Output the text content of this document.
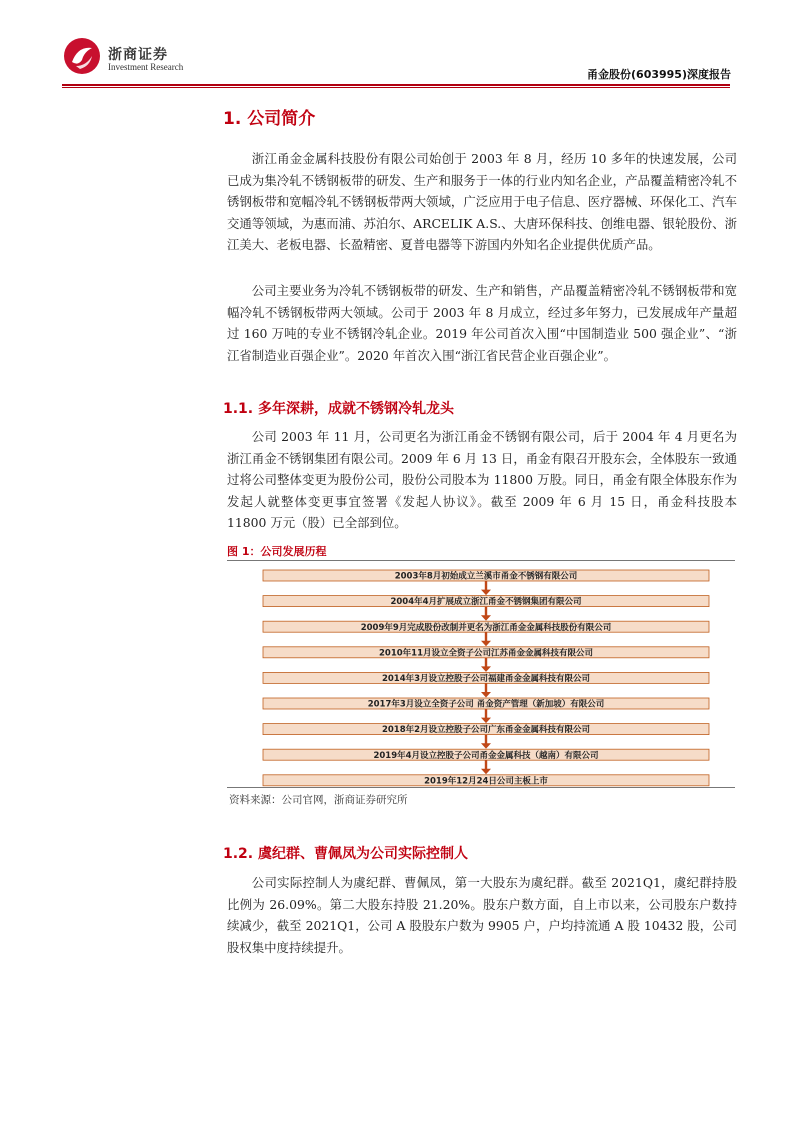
浙商证券
Investment Research
甬金股份(603995)深度报告
1. 公司简介

浙江甬金金属科技股份有限公司始创于 2003 年 8 月，经历 10 多年的快速发展，公司已成为集冷轧不锈钢板带的研发、生产和服务于一体的行业内知名企业，产品覆盖精密冷轧不锈钢板带和宽幅冷轧不锈钢板带两大领域，广泛应用于电子信息、医疗器械、环保化工、汽车交通等领域，为惠而浦、苏泊尔、ARCELIK A.S.、大唐环保科技、创维电器、银轮股份、浙江美大、老板电器、长盈精密、夏普电器等下游国内外知名企业提供优质产品。

公司主要业务为冷轧不锈钢板带的研发、生产和销售，产品覆盖精密冷轧不锈钢板带和宽幅冷轧不锈钢板带两大领域。公司于 2003 年 8 月成立，经过多年努力，已发展成年产量超过 160 万吨的专业不锈钢冷轧企业。2019 年公司首次入围“中国制造业 500 强企业”、“浙江省制造业百强企业”。2020 年首次入围“浙江省民营企业百强企业”。

1.1. 多年深耕，成就不锈钢冷轧龙头

公司 2003 年 11 月，公司更名为浙江甬金不锈钢有限公司，后于 2004 年 4 月更名为浙江甬金不锈钢集团有限公司。2009 年 6 月 13 日，甬金有限召开股东会，全体股东一致通过将公司整体变更为股份公司，股份公司股本为 11800 万股。同日，甬金有限全体股东作为发起人就整体变更事宜签署《发起人协议》。截至 2009 年 6 月 15 日，甬金科技股本 11800 万元（股）已全部到位。

图 1：公司发展历程
2003年8月初始成立兰溪市甬金不锈钢有限公司
2004年4月扩展成立浙江甬金不锈钢集团有限公司
2009年9月完成股份改制并更名为浙江甬金金属科技股份有限公司
2010年11月设立全资子公司江苏甬金金属科技有限公司
2014年3月设立控股子公司福建甬金金属科技有限公司
2017年3月设立全资子公司 甬金资产管理（新加坡）有限公司
2018年2月设立控股子公司广东甬金金属科技有限公司
2019年4月设立控股子公司甬金金属科技（越南）有限公司
2019年12月24日公司主板上市
资料来源：公司官网，浙商证券研究所
1.2. 虞纪群、曹佩凤为公司实际控制人

公司实际控制人为虞纪群、曹佩凤，第一大股东为虞纪群。截至 2021Q1，虞纪群持股比例为 26.09%。第二大股东持股 21.20%。股东户数方面，自上市以来，公司股东户数持续减少，截至 2021Q1，公司 A 股股东户数为 9905 户，户均持流通 A 股 10432 股，公司股权集中度持续提升。
